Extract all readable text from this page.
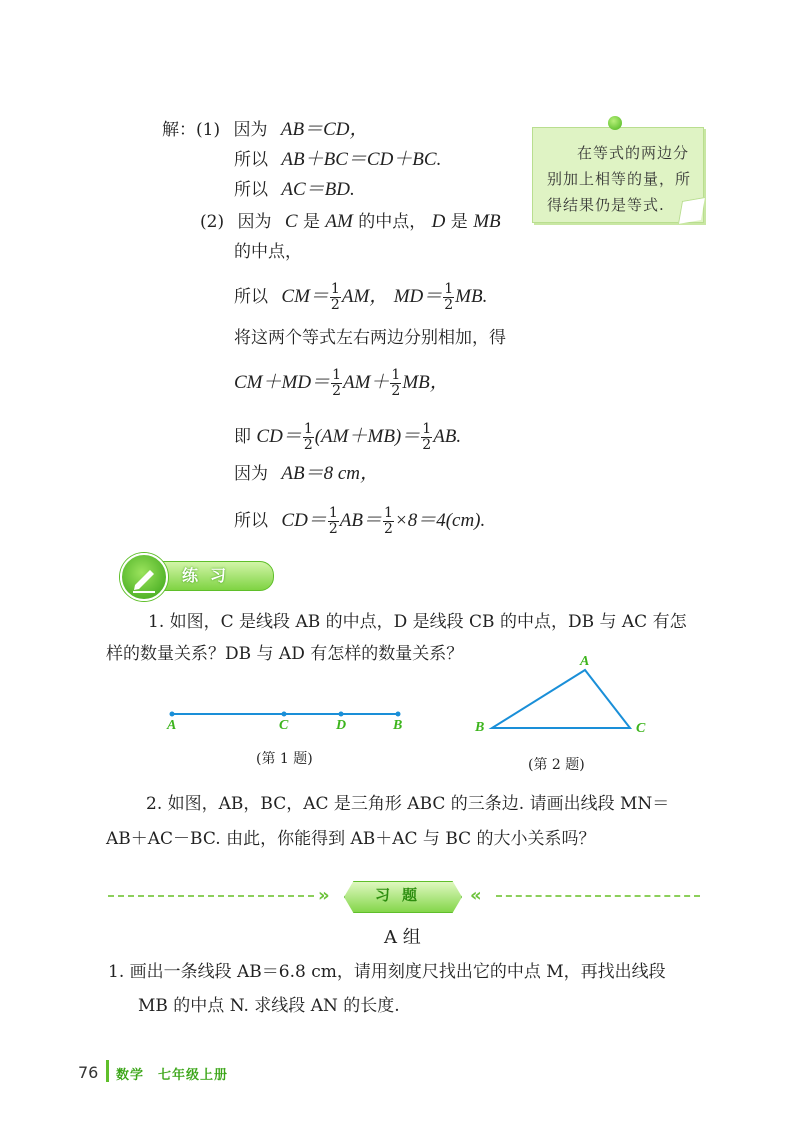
解：(1) 因为 AB＝CD，
所以 AB＋BC＝CD＋BC.
所以 AC＝BD.
(2) 因为 C 是 AM 的中点， D 是 MB
的中点，
所以 $CM= \frac{1}{2}$ AM， $MD= \frac{1}{2}$ MB.
将这两个等式左右两边分别相加，得
$CM+MD= \frac{1}{2} AM+ \frac{1}{2}$ MB，
即 $CD= \frac{1}{2} (AM+MB)= \frac{1}{2}$ AB.
因为 AB＝8 cm，
所以 $CD= \frac{1}{2} AB= \frac{1}{2} \times 8=4(cm)$.
在等式的两边分别加上相等的量，所得结果仍是等式.
练习
1. 如图，C 是线段 AB 的中点，D 是线段 CB 的中点，DB 与 AC 有怎
样的数量关系？DB 与 AD 有怎样的数量关系？
A	C	D	B
(第 1 题)
A
B	C
(第 2 题)
2. 如图，AB，BC，AC 是三角形 ABC 的三条边. 请画出线段 MN＝
AB＋AC－BC. 由此，你能得到 AB＋AC 与 BC 的大小关系吗？
»	习题	«
A 组
1. 画出一条线段 AB＝6.8 cm，请用刻度尺找出它的中点 M，再找出线段
MB 的中点 N. 求线段 AN 的长度.
76 数学　七年级上册
